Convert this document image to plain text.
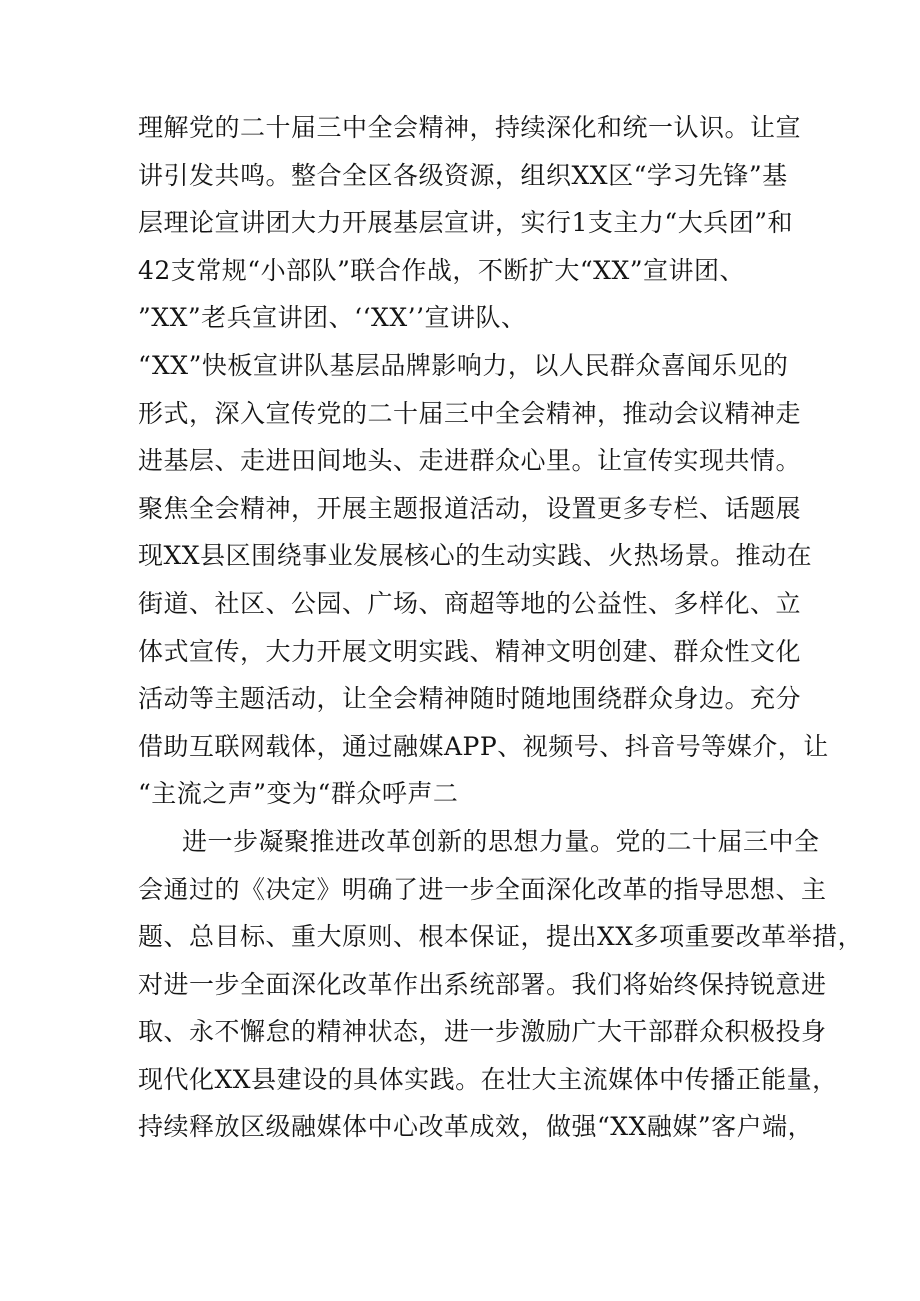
理解党的二十届三中全会精神，持续深化和统一认识。让宣
讲引发共鸣。整合全区各级资源，组织XX区“学习先锋”基
层理论宣讲团大力开展基层宣讲，实行1支主力“大兵团”和
42支常规“小部队”联合作战，不断扩大“XX”宣讲团、
”XX”老兵宣讲团、‘‘XX’’宣讲队、
“XX”快板宣讲队基层品牌影响力，以人民群众喜闻乐见的
形式，深入宣传党的二十届三中全会精神，推动会议精神走
进基层、走进田间地头、走进群众心里。让宣传实现共情。
聚焦全会精神，开展主题报道活动，设置更多专栏、话题展
现XX县区围绕事业发展核心的生动实践、火热场景。推动在
街道、社区、公园、广场、商超等地的公益性、多样化、立
体式宣传，大力开展文明实践、精神文明创建、群众性文化
活动等主题活动，让全会精神随时随地围绕群众身边。充分
借助互联网载体，通过融媒APP、视频号、抖音号等媒介，让
“主流之声”变为“群众呼声二
进一步凝聚推进改革创新的思想力量。党的二十届三中全
会通过的《决定》明确了进一步全面深化改革的指导思想、主
题、总目标、重大原则、根本保证，提出XX多项重要改革举措，
对进一步全面深化改革作出系统部署。我们将始终保持锐意进
取、永不懈怠的精神状态，进一步激励广大干部群众积极投身
现代化XX县建设的具体实践。在壮大主流媒体中传播正能量，
持续释放区级融媒体中心改革成效，做强“XX融媒”客户端，
